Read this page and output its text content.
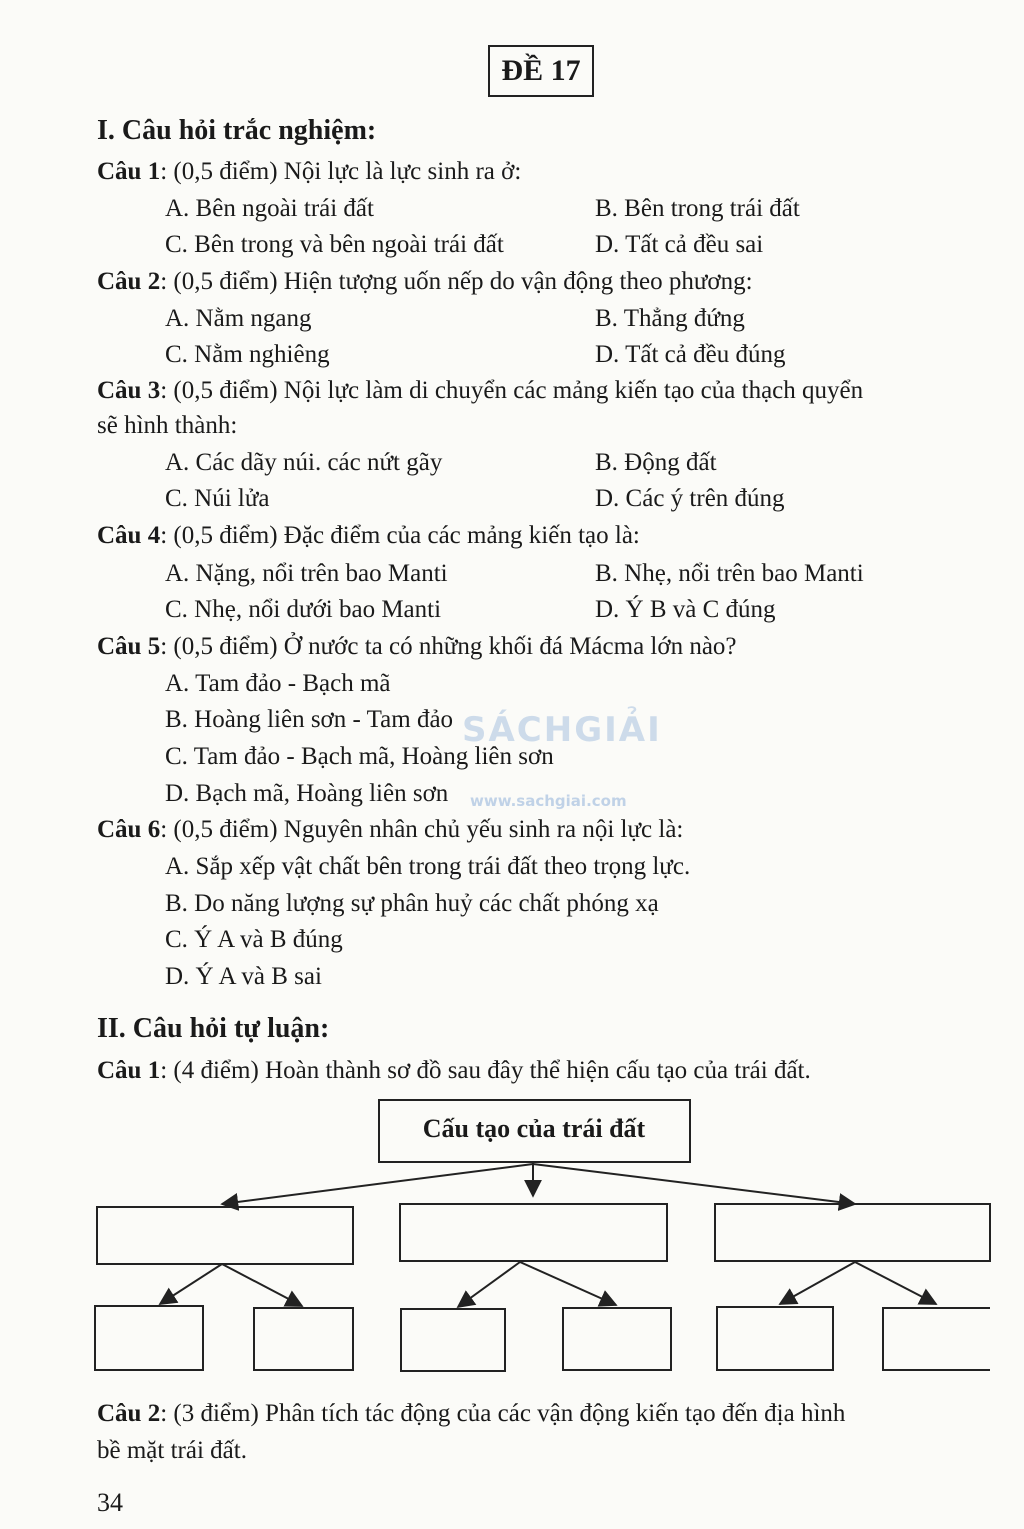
ĐỀ 17
I. Câu hỏi trắc nghiệm:
Câu 1: (0,5 điểm) Nội lực là lực sinh ra ở:
A. Bên ngoài trái đất	B. Bên trong trái đất
C. Bên trong và bên ngoài trái đất	D. Tất cả đều sai
Câu 2: (0,5 điểm) Hiện tượng uốn nếp do vận động theo phương:
A. Nằm ngang	B. Thẳng đứng
C. Nằm nghiêng	D. Tất cả đều đúng
Câu 3: (0,5 điểm) Nội lực làm di chuyển các mảng kiến tạo của thạch quyển
sẽ hình thành:
A. Các dãy núi. các nứt gãy	B. Động đất
C. Núi lửa	D. Các ý trên đúng
Câu 4: (0,5 điểm) Đặc điểm của các mảng kiến tạo là:
A. Nặng, nổi trên bao Manti	B. Nhẹ, nổi trên bao Manti
C. Nhẹ, nổi dưới bao Manti	D. Ý B và C đúng
Câu 5: (0,5 điểm) Ở nước ta có những khối đá Mácma lớn nào?
A. Tam đảo - Bạch mã
B. Hoàng liên sơn - Tam đảo
C. Tam đảo - Bạch mã, Hoàng liên sơn
D. Bạch mã, Hoàng liên sơn
Câu 6: (0,5 điểm) Nguyên nhân chủ yếu sinh ra nội lực là:
A. Sắp xếp vật chất bên trong trái đất theo trọng lực.
B. Do năng lượng sự phân huỷ các chất phóng xạ
C. Ý A và B đúng
D. Ý A và B sai
II. Câu hỏi tự luận:
Câu 1: (4 điểm) Hoàn thành sơ đồ sau đây thể hiện cấu tạo của trái đất.
Cấu tạo của trái đất
Câu 2: (3 điểm) Phân tích tác động của các vận động kiến tạo đến địa hình
bề mặt trái đất.
SÁCHGIẢI
www.sachgiai.com
34
